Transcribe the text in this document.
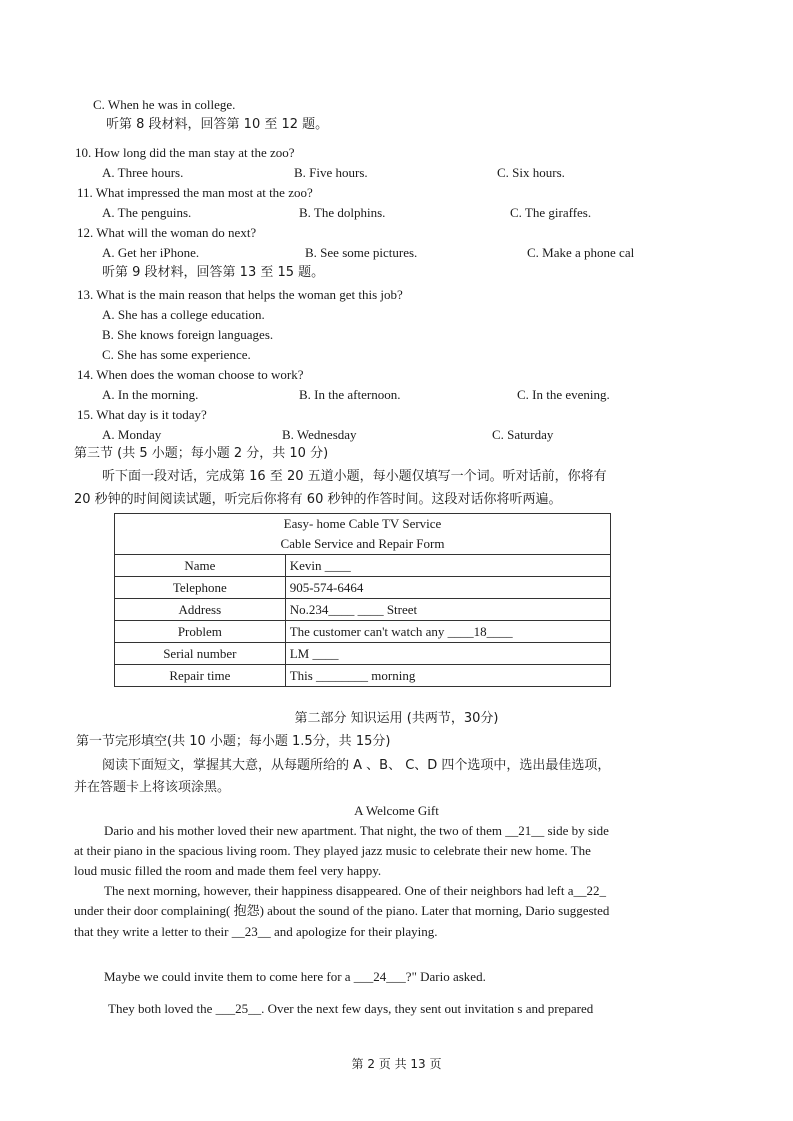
C. When he was in college.
听第 8 段材料，回答第 10 至 12 题。
10. How long did the man stay at the zoo?
A. Three hours.	B. Five hours.	C. Six hours.
11. What impressed the man most at the zoo?
A. The penguins.	B. The dolphins.	C. The giraffes.
12. What will the woman do next?
A. Get her iPhone.	B. See some pictures.	C. Make a phone cal
听第 9 段材料，回答第 13 至 15 题。
13. What is the main reason that helps the woman get this job?
A. She has a college education.
B. She knows foreign languages.
C. She has some experience.
14. When does the woman choose to work?
A. In the morning.	B. In the afternoon.	C. In the evening.
15. What day is it today?
A. Monday	B. Wednesday	C. Saturday
第三节 (共 5 小题；每小题 2 分，共 10 分)
听下面一段对话，完成第 16 至 20 五道小题，每小题仅填写一个词。听对话前，你将有
20 秒钟的时间阅读试题，听完后你将有 60 秒钟的作答时间。这段对话你将听两遍。
Easy- home Cable TV Service
Cable Service and Repair Form	

Name	Kevin ____
Telephone	905-574-6464
Address	No.234____ ____ Street
Problem	The customer can't watch any ____18____
Serial number	LM ____
Repair time	This ________ morning
第二部分 知识运用 (共两节，30分)
第一节完形填空(共 10 小题；每小题 1.5分，共 15分)
阅读下面短文，掌握其大意，从每题所给的 A 、B、 C、D 四个选项中，选出最佳选项，
并在答题卡上将该项涂黑。
A Welcome Gift
Dario and his mother loved their new apartment. That night, the two of them __21__ side by side
at their piano in the spacious living room. They played jazz music to celebrate their new home. The
loud music filled the room and made them feel very happy.
The next morning, however, their happiness disappeared. One of their neighbors had left a__22_
under their door complaining( 抱怨) about the sound of the piano. Later that morning, Dario suggested
that they write a letter to their __23__ and apologize for their playing.
Maybe we could invite them to come here for a ___24___?" Dario asked.
They both loved the ___25__. Over the next few days, they sent out invitation s and prepared
第 2 页 共 13 页
